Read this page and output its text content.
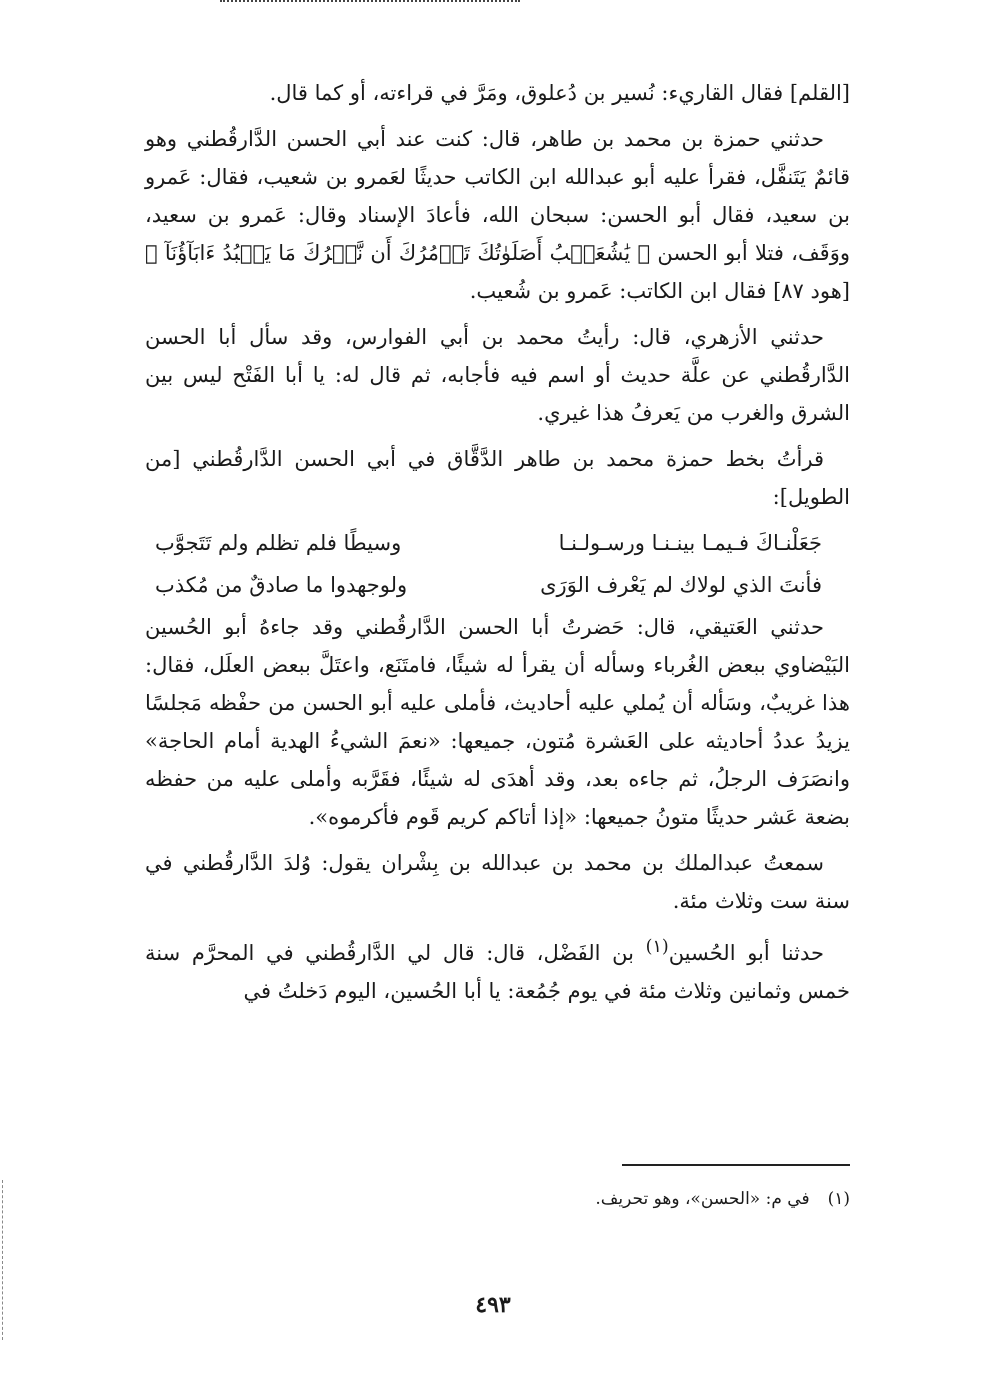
[القلم] فقال القاريء: نُسير بن دُعلوق، ومَرَّ في قراءته، أو كما قال.

حدثني حمزة بن محمد بن طاهر، قال: كنت عند أبي الحسن الدَّارقُطني وهو قائمٌ يَتَنفَّل، فقرأ عليه أبو عبدالله ابن الكاتب حديثًا لعَمرو بن شعيب، فقال: عَمرو بن سعيد، فقال أبو الحسن: سبحان الله، فأعادَ الإسناد وقال: عَمرو بن سعيد، ووَقَف، فتلا أبو الحسن ﴿ يَٰشُعَيۡبُ أَصَلَوٰتُكَ تَأۡمُرُكَ أَن نَّتۡرُكَ مَا يَعۡبُدُ ءَابَآؤُنَآ ﴾ [هود ٨٧] فقال ابن الكاتب: عَمرو بن شُعيب.

حدثني الأزهري، قال: رأيتُ محمد بن أبي الفوارس، وقد سأل أبا الحسن الدَّارقُطني عن علَّة حديث أو اسم فيه فأجابه، ثم قال له: يا أبا الفَتْح ليس بين الشرق والغرب من يَعرفُ هذا غيري.

قرأتُ بخط حمزة محمد بن طاهر الدَّقَّاق في أبي الحسن الدَّارقُطني [من الطويل]:

جَعَلْنـاكَ فـيمـا بينـنـا ورسـولـنـا
وسيطًا فلم تظلم ولم تَتَجوَّب
فأنتَ الذي لولاك لم يَعْرف الوَرَى
ولوجهدوا ما صادقٌ من مُكذب

حدثني العَتيقي، قال: حَضرتُ أبا الحسن الدَّارقُطني وقد جاءهُ أبو الحُسين البَيْضاوي ببعض الغُرباء وسأله أن يقرأ له شيئًا، فامتَنَع، واعتَلَّ ببعض العلَل، فقال: هذا غريبٌ، وسَأله أن يُملي عليه أحاديث، فأملى عليه أبو الحسن من حفْظه مَجلسًا يزيدُ عددُ أحاديثه على العَشرة مُتون، جميعها: «نعمَ الشيءُ الهدية أمام الحاجة» وانصَرَف الرجلُ، ثم جاءه بعد، وقد أهدَى له شيئًا، فقَرَّبه وأملى عليه من حفظه بضعة عَشر حديثًا متونُ جميعها: «إذا أتاكم كريم قَوم فأكرموه».

سمعتُ عبدالملك بن محمد بن عبدالله بن بِشْران يقول: وُلدَ الدَّارقُطني في سنة ست وثلاث مئة.

حدثنا أبو الحُسين$^{(١)}$ بن الفَضْل، قال: قال لي الدَّارقُطني في المحرَّم سنة خمس وثمانين وثلاث مئة في يوم جُمُعة: يا أبا الحُسين، اليوم دَخلتُ في

(١)في م: «الحسن»، وهو تحريف.
٤٩٣
